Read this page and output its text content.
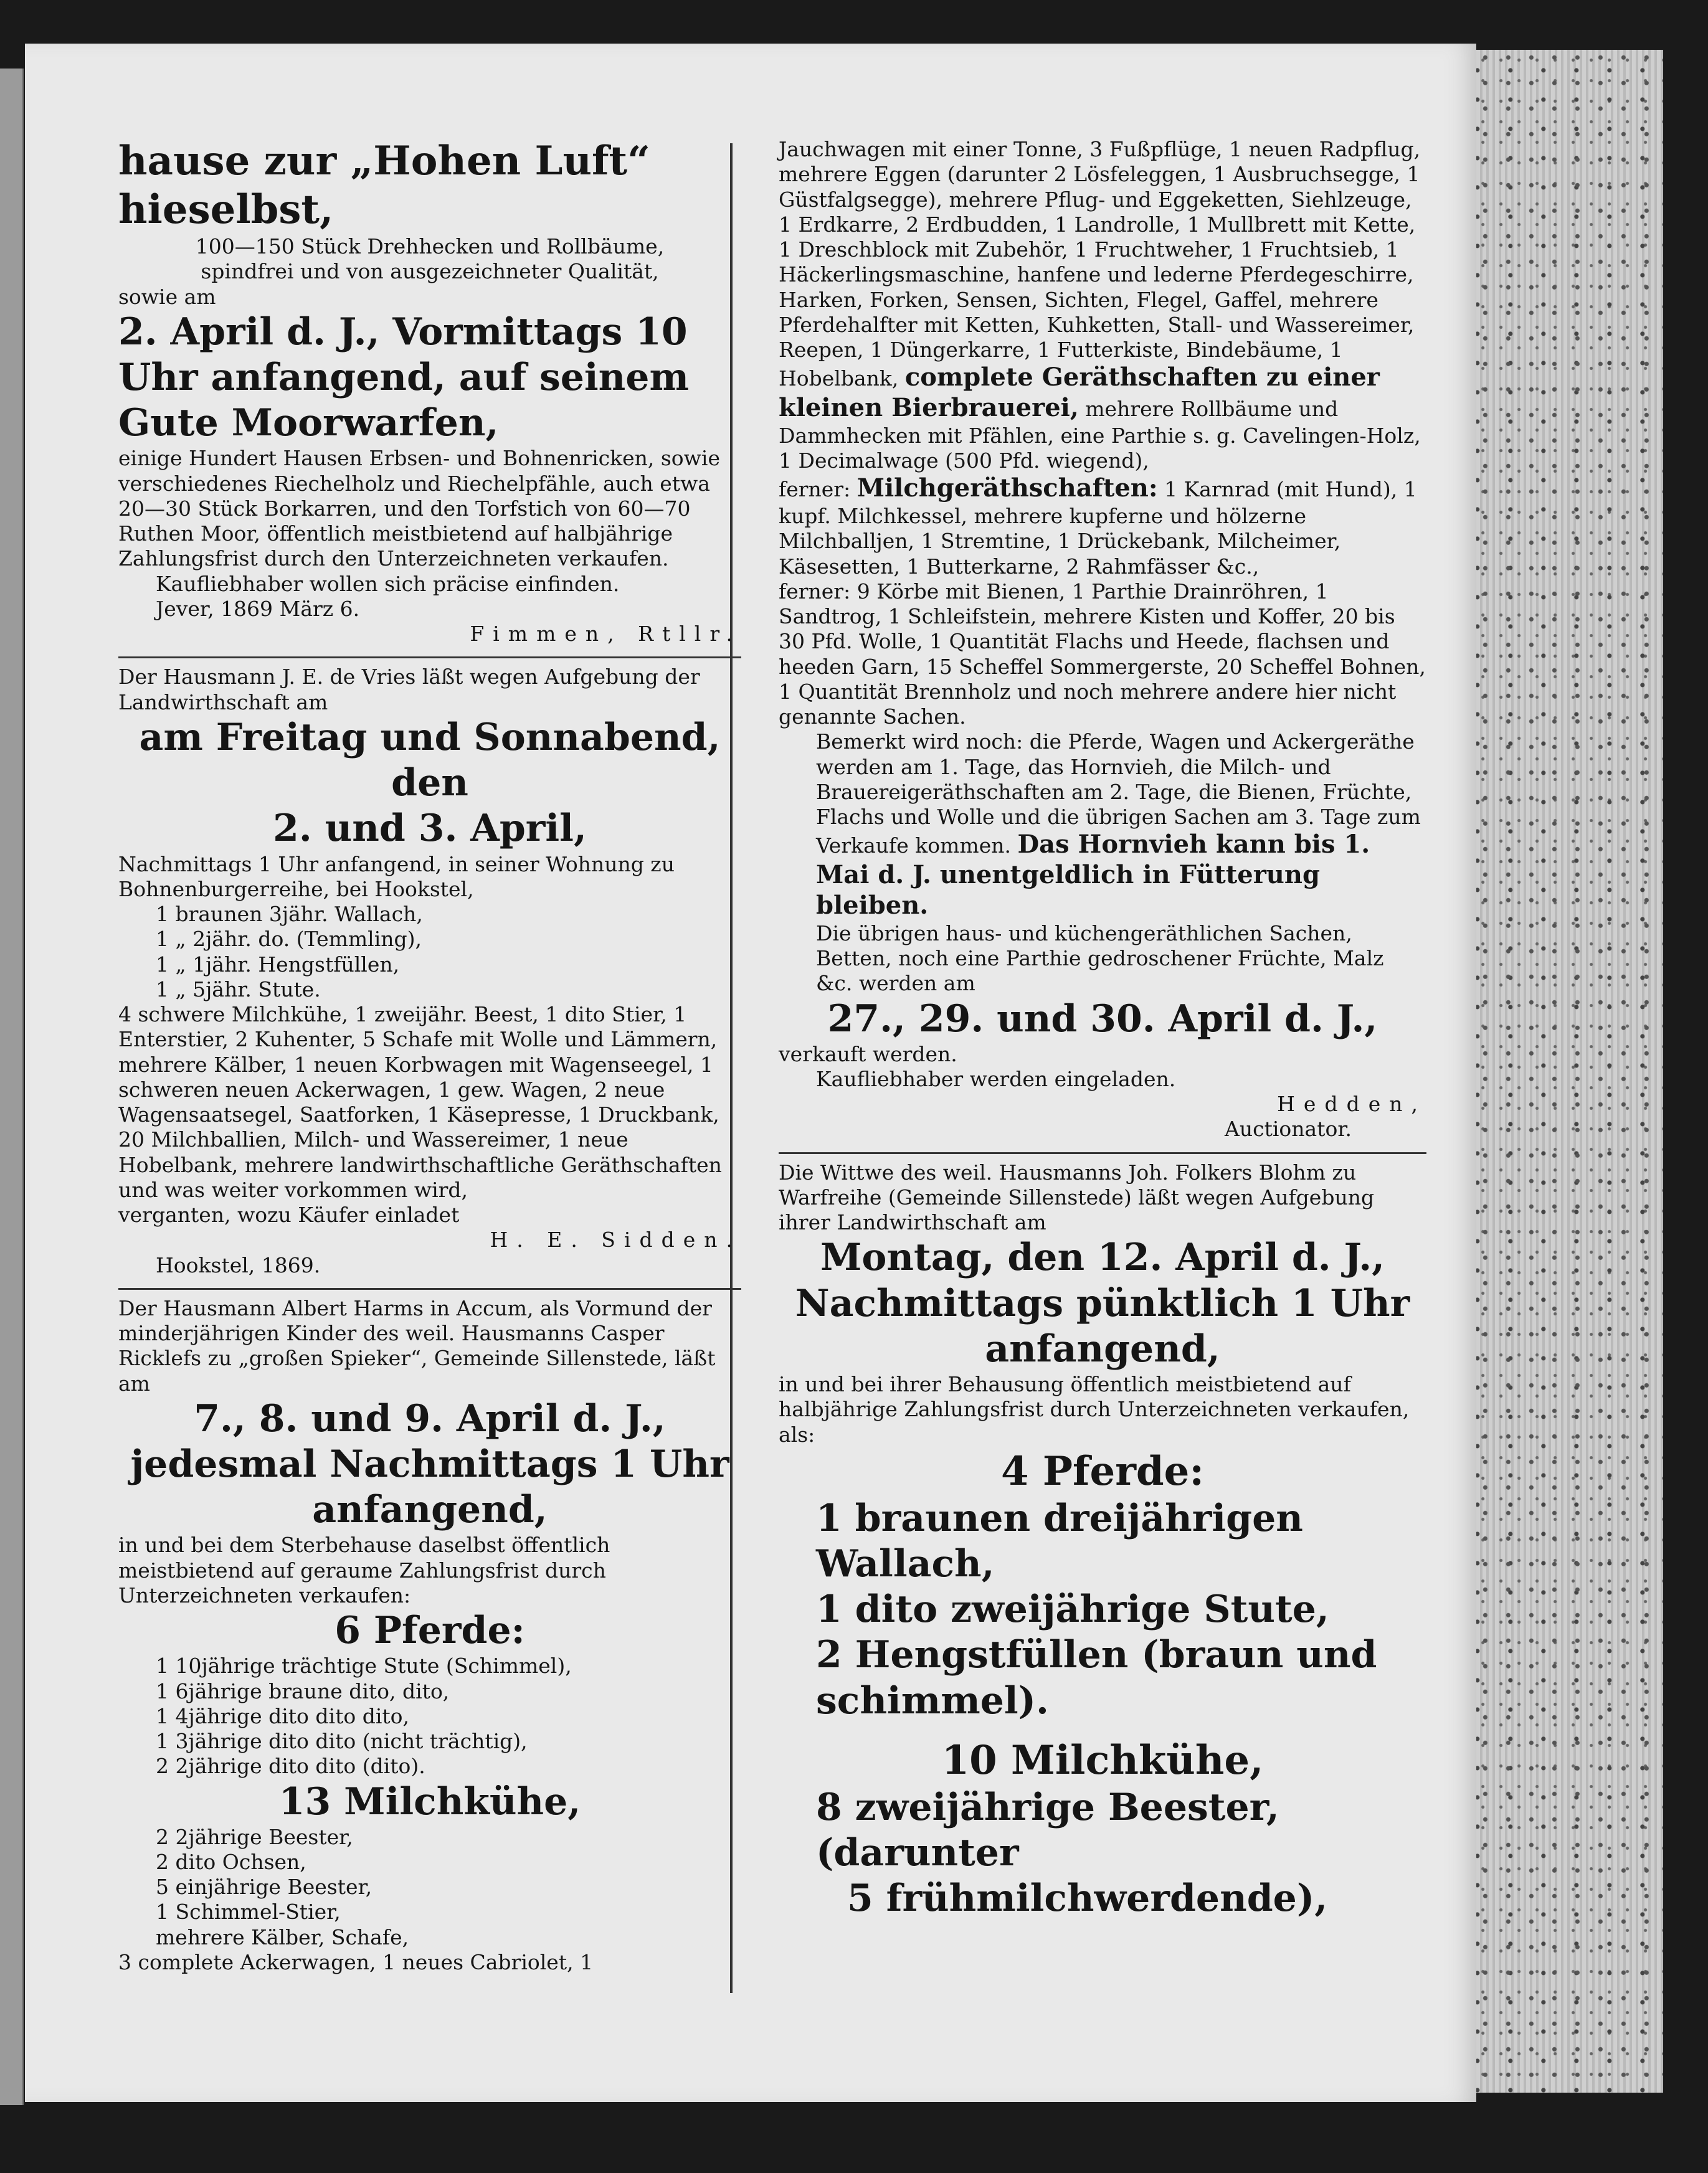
hause zur „Hohen Luft“ hieselbst,

100—150 Stück Drehhecken und Rollbäume,

spindfrei und von ausgezeichneter Qualität,

sowie am

2. April d. J., Vormittags 10 Uhr anfangend, auf seinem Gute Moorwarfen,

einige Hundert Hausen Erbsen- und Bohnenricken, sowie verschiedenes Riechelholz und Riechelpfähle, auch etwa 20—30 Stück Borkarren, und den Torfstich von 60—70 Ruthen Moor, öffentlich meistbietend auf halbjährige Zahlungsfrist durch den Unterzeichneten verkaufen.

Kaufliebhaber wollen sich präcise einfinden.

Jever, 1869 März 6.

Fimmen, Rtllr.

Der Hausmann J. E. de Vries läßt wegen Aufgebung der Landwirthschaft am

am Freitag und Sonnabend, den

2. und 3. April,

Nachmittags 1 Uhr anfangend, in seiner Wohnung zu Bohnenburgerreihe, bei Hookstel,

1 braunen 3jähr. Wallach,

1 „ 2jähr. do. (Temmling),

1 „ 1jähr. Hengstfüllen,

1 „ 5jähr. Stute.

4 schwere Milchkühe, 1 zweijähr. Beest, 1 dito Stier, 1 Enterstier, 2 Kuhenter, 5 Schafe mit Wolle und Lämmern, mehrere Kälber, 1 neuen Korbwagen mit Wagenseegel, 1 schweren neuen Ackerwagen, 1 gew. Wagen, 2 neue Wagensaatsegel, Saatforken, 1 Käsepresse, 1 Druckbank, 20 Milchballien, Milch- und Wassereimer, 1 neue Hobelbank, mehrere landwirthschaftliche Geräthschaften und was weiter vorkommen wird,

verganten, wozu Käufer einladet

H. E. Sidden.

Hookstel, 1869.

Der Hausmann Albert Harms in Accum, als Vormund der minderjährigen Kinder des weil. Hausmanns Casper Ricklefs zu „großen Spieker“, Gemeinde Sillenstede, läßt am

7., 8. und 9. April d. J.,

jedesmal Nachmittags 1 Uhr anfangend,

in und bei dem Sterbehause daselbst öffentlich meistbietend auf geraume Zahlungsfrist durch Unterzeichneten verkaufen:

6 Pferde:

1 10jährige trächtige Stute (Schimmel),

1 6jährige braune dito, dito,

1 4jährige dito dito dito,

1 3jährige dito dito (nicht trächtig),

2 2jährige dito dito (dito).

13 Milchkühe,

2 2jährige Beester,

2 dito Ochsen,

5 einjährige Beester,

1 Schimmel-Stier,

mehrere Kälber, Schafe,

3 complete Ackerwagen, 1 neues Cabriolet, 1

Jauchwagen mit einer Tonne, 3 Fußpflüge, 1 neuen Radpflug, mehrere Eggen (darunter 2 Lösfeleggen, 1 Ausbruchsegge, 1 Güstfalgsegge), mehrere Pflug- und Eggeketten, Siehlzeuge, 1 Erdkarre, 2 Erdbudden, 1 Landrolle, 1 Mullbrett mit Kette, 1 Dreschblock mit Zubehör, 1 Fruchtweher, 1 Fruchtsieb, 1 Häckerlingsmaschine, hanfene und lederne Pferdegeschirre, Harken, Forken, Sensen, Sichten, Flegel, Gaffel, mehrere Pferdehalfter mit Ketten, Kuhketten, Stall- und Wassereimer, Reepen, 1 Düngerkarre, 1 Futterkiste, Bindebäume, 1 Hobelbank, complete Geräthschaften zu einer kleinen Bierbrauerei, mehrere Rollbäume und Dammhecken mit Pfählen, eine Parthie s. g. Cavelingen-Holz, 1 Decimalwage (500 Pfd. wiegend),

ferner: Milchgeräthschaften: 1 Karnrad (mit Hund), 1 kupf. Milchkessel, mehrere kupferne und hölzerne Milchballjen, 1 Stremtine, 1 Drückebank, Milcheimer, Käsesetten, 1 Butterkarne, 2 Rahmfässer &c.,

ferner: 9 Körbe mit Bienen, 1 Parthie Drainröhren, 1 Sandtrog, 1 Schleifstein, mehrere Kisten und Koffer, 20 bis 30 Pfd. Wolle, 1 Quantität Flachs und Heede, flachsen und heeden Garn, 15 Scheffel Sommergerste, 20 Scheffel Bohnen, 1 Quantität Brennholz und noch mehrere andere hier nicht genannte Sachen.

Bemerkt wird noch: die Pferde, Wagen und Ackergeräthe werden am 1. Tage, das Hornvieh, die Milch- und Brauereigeräthschaften am 2. Tage, die Bienen, Früchte, Flachs und Wolle und die übrigen Sachen am 3. Tage zum Verkaufe kommen. Das Hornvieh kann bis 1. Mai d. J. unentgeldlich in Fütterung bleiben.

Die übrigen haus- und küchengeräthlichen Sachen, Betten, noch eine Parthie gedroschener Früchte, Malz &c. werden am

27., 29. und 30. April d. J.,

verkauft werden.

Kaufliebhaber werden eingeladen.

Hedden,

Auctionator.

Die Wittwe des weil. Hausmanns Joh. Folkers Blohm zu Warfreihe (Gemeinde Sillenstede) läßt wegen Aufgebung ihrer Landwirthschaft am

Montag, den 12. April d. J.,

Nachmittags pünktlich 1 Uhr anfangend,

in und bei ihrer Behausung öffentlich meistbietend auf halbjährige Zahlungsfrist durch Unterzeichneten verkaufen, als:

4 Pferde:

1 braunen dreijährigen Wallach,

1 dito zweijährige Stute,

2 Hengstfüllen (braun und schimmel).

10 Milchkühe,

8 zweijährige Beester, (darunter

5 frühmilchwerdende),
